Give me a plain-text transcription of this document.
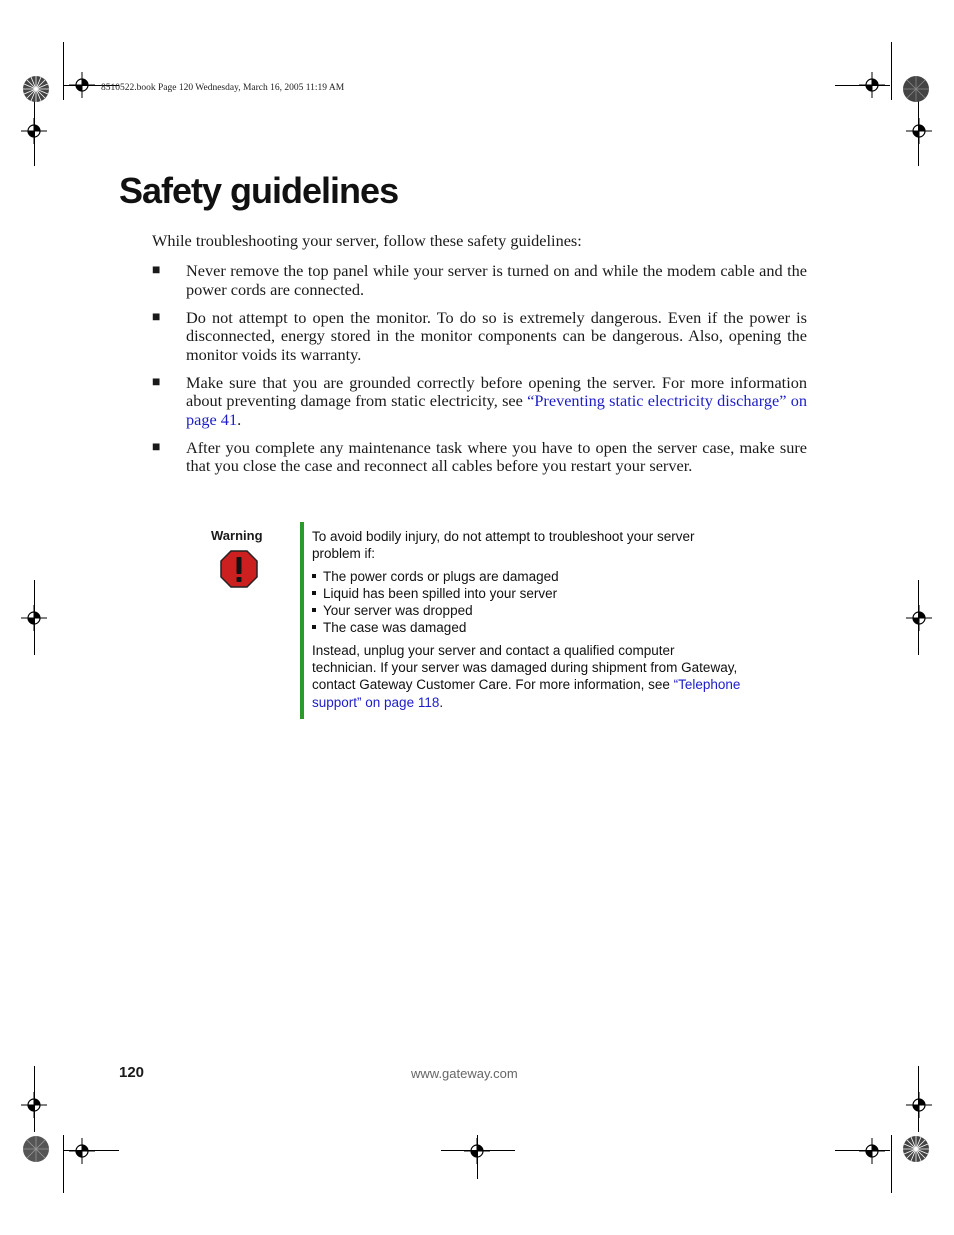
8510522.book Page 120 Wednesday, March 16, 2005 11:19 AM
Safety guidelines
While troubleshooting your server, follow these safety guidelines:
■ Never remove the top panel while your server is turned on and while the modem cable and the power cords are connected.
■ Do not attempt to open the monitor. To do so is extremely dangerous. Even if the power is disconnected, energy stored in the monitor components can be dangerous. Also, opening the monitor voids its warranty.
■ Make sure that you are grounded correctly before opening the server. For more information about preventing damage from static electricity, see “Preventing static electricity discharge” on page 41.
■ After you complete any maintenance task where you have to open the server case, make sure that you close the case and reconnect all cables before you restart your server.
Warning	To avoid bodily injury, do not attempt to troubleshoot your server problem if:

The power cords or plugs are damaged
Liquid has been spilled into your server
Your server was dropped
The case was damaged

Instead, unplug your server and contact a qualified computer technician. If your server was damaged during shipment from Gateway, contact Gateway Customer Care. For more information, see “Telephone support” on page 118.

120	www.gateway.com
